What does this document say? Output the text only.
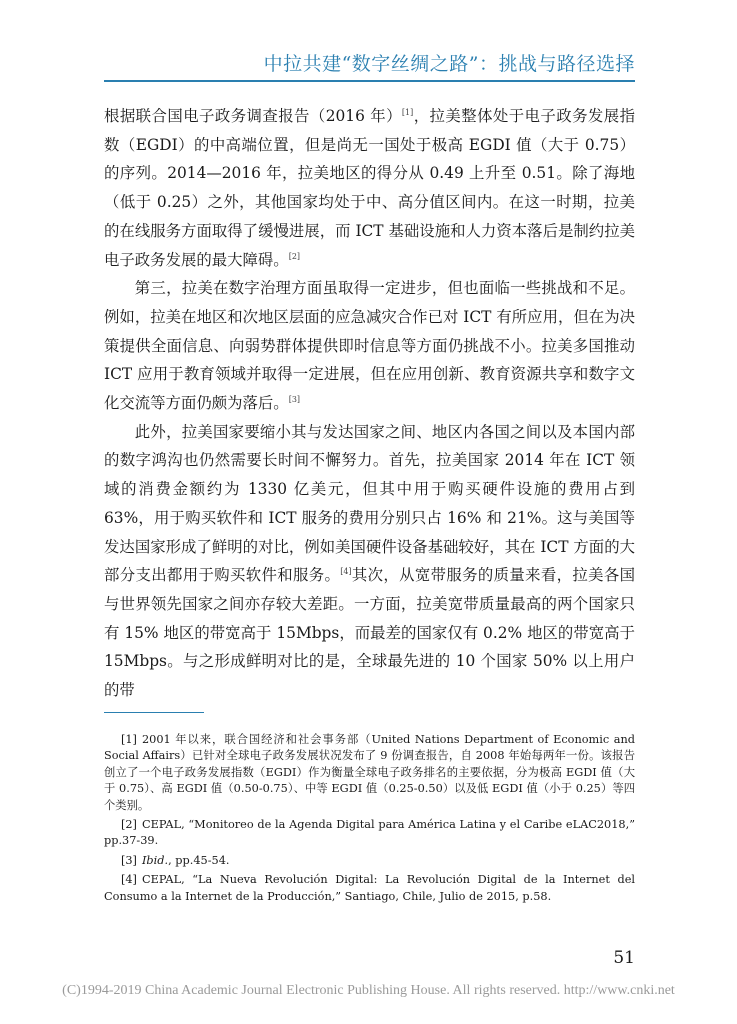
中拉共建“数字丝绸之路”：挑战与路径选择

根据联合国电子政务调查报告（2016 年）[1]，拉美整体处于电子政务发展指数（EGDI）的中高端位置，但是尚无一国处于极高 EGDI 值（大于 0.75）的序列。2014—2016 年，拉美地区的得分从 0.49 上升至 0.51。除了海地（低于 0.25）之外，其他国家均处于中、高分值区间内。在这一时期，拉美的在线服务方面取得了缓慢进展，而 ICT 基础设施和人力资本落后是制约拉美电子政务发展的最大障碍。[2]

第三，拉美在数字治理方面虽取得一定进步，但也面临一些挑战和不足。例如，拉美在地区和次地区层面的应急减灾合作已对 ICT 有所应用，但在为决策提供全面信息、向弱势群体提供即时信息等方面仍挑战不小。拉美多国推动 ICT 应用于教育领域并取得一定进展，但在应用创新、教育资源共享和数字文化交流等方面仍颇为落后。[3]

此外，拉美国家要缩小其与发达国家之间、地区内各国之间以及本国内部的数字鸿沟也仍然需要长时间不懈努力。首先，拉美国家 2014 年在 ICT 领域的消费金额约为 1330 亿美元，但其中用于购买硬件设施的费用占到 63%，用于购买软件和 ICT 服务的费用分别只占 16% 和 21%。这与美国等发达国家形成了鲜明的对比，例如美国硬件设备基础较好，其在 ICT 方面的大部分支出都用于购买软件和服务。[4]其次，从宽带服务的质量来看，拉美各国与世界领先国家之间亦存较大差距。一方面，拉美宽带质量最高的两个国家只有 15% 地区的带宽高于 15Mbps，而最差的国家仅有 0.2% 地区的带宽高于 15Mbps。与之形成鲜明对比的是，全球最先进的 10 个国家 50% 以上用户的带

[1] 2001 年以来，联合国经济和社会事务部（United Nations Department of Economic and Social Affairs）已针对全球电子政务发展状况发布了 9 份调查报告，自 2008 年始每两年一份。该报告创立了一个电子政务发展指数（EGDI）作为衡量全球电子政务排名的主要依据，分为极高 EGDI 值（大于 0.75）、高 EGDI 值（0.50-0.75）、中等 EGDI 值（0.25-0.50）以及低 EGDI 值（小于 0.25）等四个类别。

[2] CEPAL, “Monitoreo de la Agenda Digital para América Latina y el Caribe eLAC2018,” pp.37-39.

[3] Ibid., pp.45-54.

[4] CEPAL, “La Nueva Revolución Digital: La Revolución Digital de la Internet del Consumo a la Internet de la Producción,” Santiago, Chile, Julio de 2015, p.58.

51
(C)1994-2019 China Academic Journal Electronic Publishing House. All rights reserved. http://www.cnki.net
